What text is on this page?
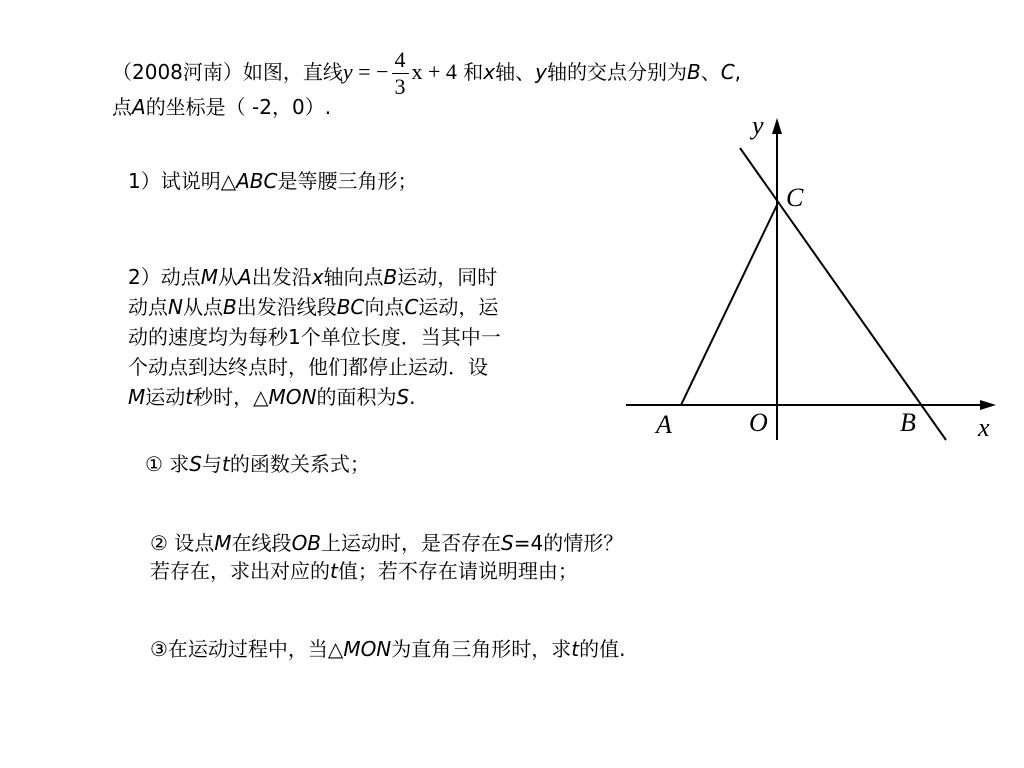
（2008河南）如图，直线y = − $\frac{4}{3}$ x + 4 和x轴、y轴的交点分别为B、C,
点A的坐标是（ -2，0）.
1）试说明△ABC是等腰三角形；
2）动点M从A出发沿x轴向点B运动，同时
动点N从点B出发沿线段BC向点C运动，运
动的速度均为每秒1个单位长度．当其中一
个动点到达终点时，他们都停止运动．设
M运动t秒时，△MON的面积为S.
① 求S与t的函数关系式；
② 设点M在线段OB上运动时，是否存在S=4的情形？
若存在，求出对应的t值；若不存在请说明理由；
③在运动过程中，当△MON为直角三角形时，求t的值.
y
C
A	O	B x
